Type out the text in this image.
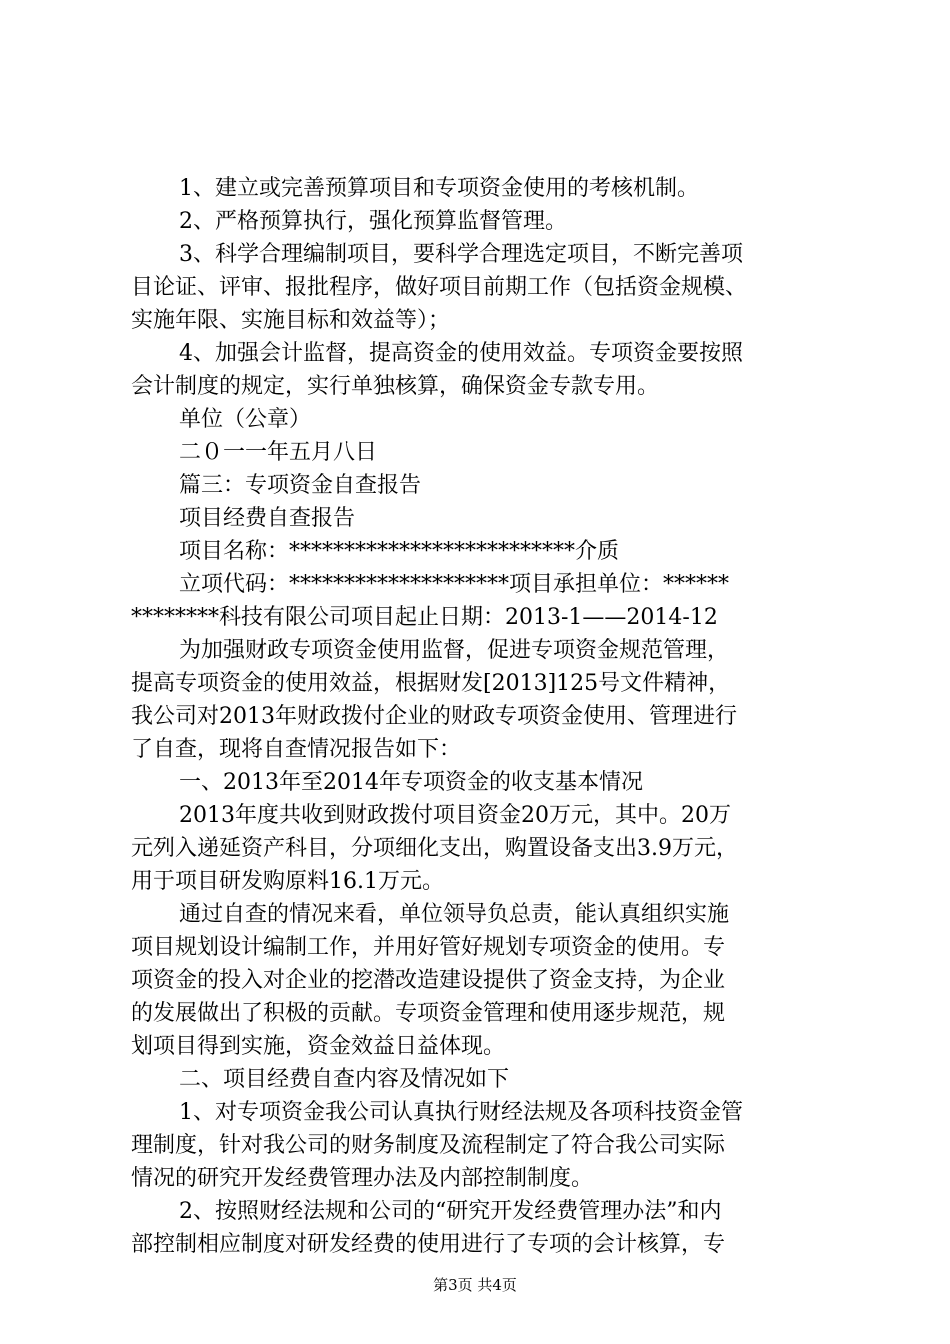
1、建立或完善预算项目和专项资金使用的考核机制。
2、严格预算执行，强化预算监督管理。
3、科学合理编制项目，要科学合理选定项目，不断完善项
目论证、评审、报批程序，做好项目前期工作（包括资金规模、
实施年限、实施目标和效益等）；
4、加强会计监督，提高资金的使用效益。专项资金要按照
会计制度的规定，实行单独核算，确保资金专款专用。
单位（公章）
二０一一年五月八日
篇三：专项资金自查报告
项目经费自查报告
项目名称：**************************介质
立项代码：********************项目承担单位：******
********科技有限公司项目起止日期：2013-1——2014-12
为加强财政专项资金使用监督，促进专项资金规范管理，
提高专项资金的使用效益，根据财发[2013]125号文件精神，
我公司对2013年财政拨付企业的财政专项资金使用、管理进行
了自查，现将自查情况报告如下：
一、2013年至2014年专项资金的收支基本情况
2013年度共收到财政拨付项目资金20万元，其中。20万
元列入递延资产科目，分项细化支出，购置设备支出3.9万元，
用于项目研发购原料16.1万元。
通过自查的情况来看，单位领导负总责，能认真组织实施
项目规划设计编制工作，并用好管好规划专项资金的使用。专
项资金的投入对企业的挖潜改造建设提供了资金支持，为企业
的发展做出了积极的贡献。专项资金管理和使用逐步规范，规
划项目得到实施，资金效益日益体现。
二、项目经费自查内容及情况如下
1、对专项资金我公司认真执行财经法规及各项科技资金管
理制度，针对我公司的财务制度及流程制定了符合我公司实际
情况的研究开发经费管理办法及内部控制制度。
2、按照财经法规和公司的“研究开发经费管理办法”和内
部控制相应制度对研发经费的使用进行了专项的会计核算，专
第3页 共4页
